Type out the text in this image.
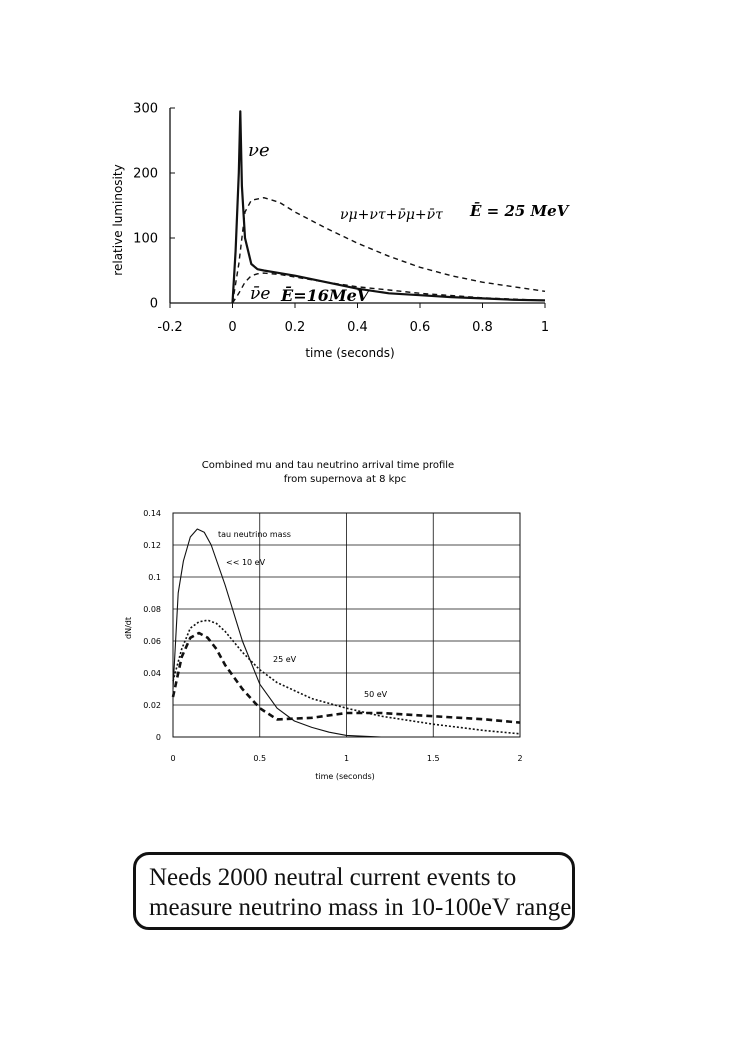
-0.2	0	0.2	0.4	0.6	0.8	1
0
100
200
300
time (seconds)
relative luminosity
νe
νμ+ντ+ν̄μ+ν̄τ Ē = 25 MeV
ν̄e Ē=16MeV
Combined mu and tau neutrino arrival time profile
from supernova at 8 kpc
0	0.5	1	1.5	2
0
0.02
0.04
0.06
0.08
0.1
0.12
0.14
time (seconds)
dN/dt
tau neutrino mass
<< 10 eV
25 eV
50 eV
Needs 2000 neutral current events to
measure neutrino mass in 10-100eV range
